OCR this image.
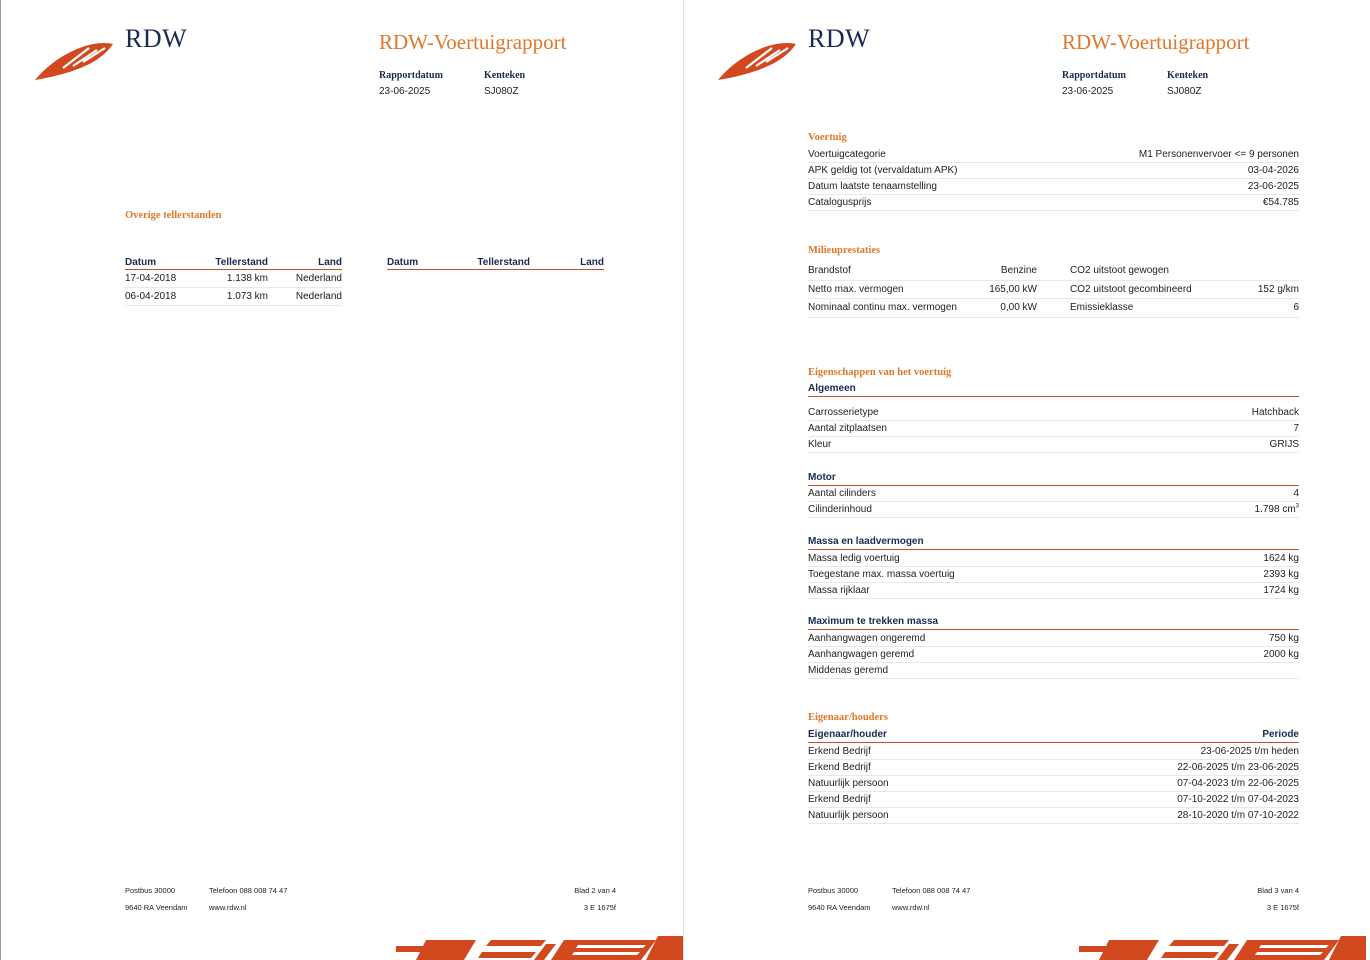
RDW	RDW-Voertuigrapport
Rapportdatum
23-06-2025
Kenteken
SJ080Z
Overige tellerstanden
Datum	Tellerstand	Land
17-04-2018	1.138 km	Nederland
06-04-2018	1.073 km	Nederland
Datum	Tellerstand	Land
Postbus 30000
9640 RA Veendam
Telefoon 088 008 74 47
www.rdw.nl
Blad 2 van 4
3 E 1675f
RDW	RDW-Voertuigrapport
Rapportdatum
23-06-2025
Kenteken
SJ080Z
Voertuig
Voertuigcategorie	M1 Personenvervoer <= 9 personen
APK geldig tot (vervaldatum APK)	03-04-2026
Datum laatste tenaamstelling	23-06-2025
Catalogusprijs	€54.785
Milieuprestaties
Brandstof	Benzine	CO2 uitstoot gewogen
Netto max. vermogen	165,00 kW	CO2 uitstoot gecombineerd	152 g/km
Nominaal continu max. vermogen	0,00 kW	Emissieklasse	6
Eigenschappen van het voertuig
Algemeen
Carrosserietype	Hatchback
Aantal zitplaatsen	7
Kleur	GRIJS
Motor
Aantal cilinders	4
Cilinderinhoud	1.798 $cm^3$
Massa en laadvermogen
Massa ledig voertuig	1624 kg
Toegestane max. massa voertuig	2393 kg
Massa rijklaar	1724 kg
Maximum te trekken massa
Aanhangwagen ongeremd	750 kg
Aanhangwagen geremd	2000 kg
Middenas geremd
Eigenaar/houders
Eigenaar/houder	Periode
Erkend Bedrijf	23-06-2025 t/m heden
Erkend Bedrijf	22-06-2025 t/m 23-06-2025
Natuurlijk persoon	07-04-2023 t/m 22-06-2025
Erkend Bedrijf	07-10-2022 t/m 07-04-2023
Natuurlijk persoon	28-10-2020 t/m 07-10-2022
Postbus 30000
9640 RA Veendam
Telefoon 088 008 74 47
www.rdw.nl
Blad 3 van 4
3 E 1675f
